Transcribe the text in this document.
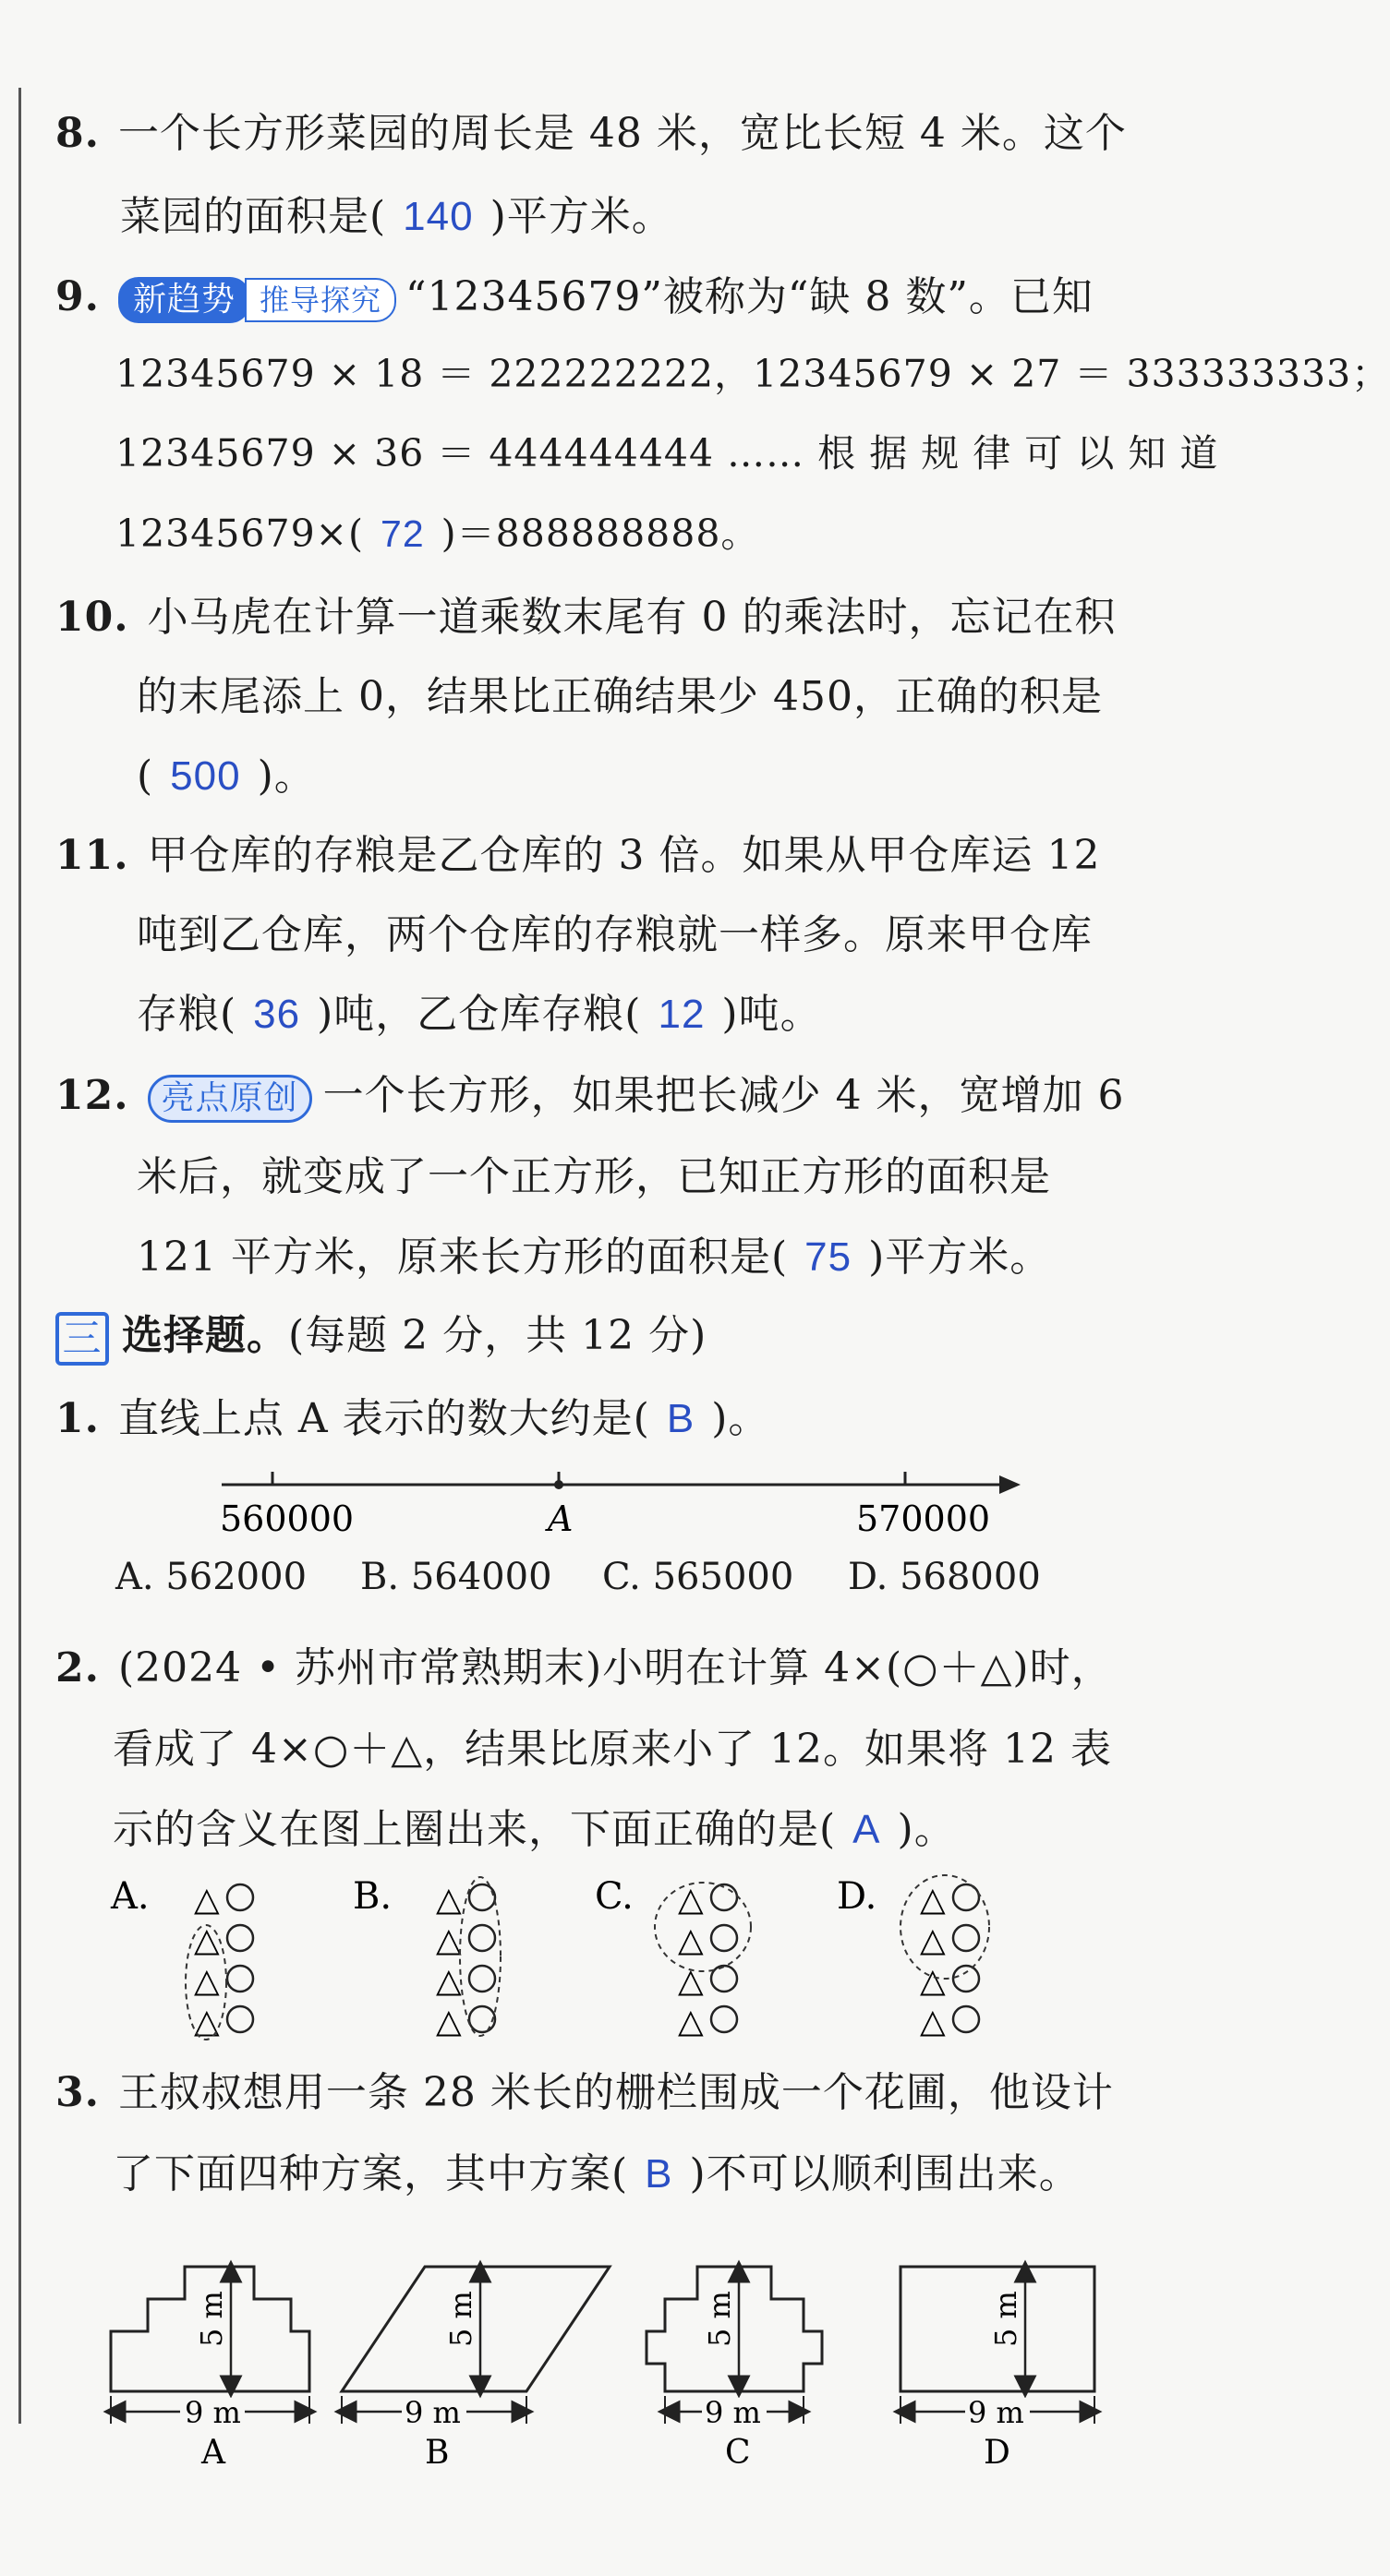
8. 一个长方形菜园的周长是 48 米，宽比长短 4 米。这个
菜园的面积是( 140 )平方米。
9. 新趋势 推导探究 “12345679”被称为“缺 8 数”。已知
12345679 × 18 ＝ 222222222，12345679 × 27 ＝ 333333333；
12345679 × 36 ＝ 444444444 …… 根 据 规 律 可 以 知 道
12345679×( 72 )＝888888888。
10. 小马虎在计算一道乘数末尾有 0 的乘法时，忘记在积
的末尾添上 0，结果比正确结果少 450，正确的积是
( 500 )。
11. 甲仓库的存粮是乙仓库的 3 倍。如果从甲仓库运 12
吨到乙仓库，两个仓库的存粮就一样多。原来甲仓库
存粮( 36 )吨，乙仓库存粮( 12 )吨。
12. 亮点原创 一个长方形，如果把长减少 4 米，宽增加 6
米后，就变成了一个正方形，已知正方形的面积是
121 平方米，原来长方形的面积是( 75 )平方米。
三 选择题。(每题 2 分，共 12 分)
1. 直线上点 A 表示的数大约是( B )。
560000	A	570000
A. 562000 B. 564000 C. 565000 D. 568000
2. (2024 • 苏州市常熟期末)小明在计算 4×(○＋△)时，
看成了 4×○＋△，结果比原来小了 12。如果将 12 表
示的含义在图上圈出来，下面正确的是( A )。
A. △
△
△
△
B. △
△
△
△
C. △
△
△
△
D. △
△
△
△
3. 王叔叔想用一条 28 米长的栅栏围成一个花圃，他设计
了下面四种方案，其中方案( B )不可以顺利围出来。
5 m
9 m
A
5 m
9 m
B
5 m
9 m
C
5 m
9 m
D
